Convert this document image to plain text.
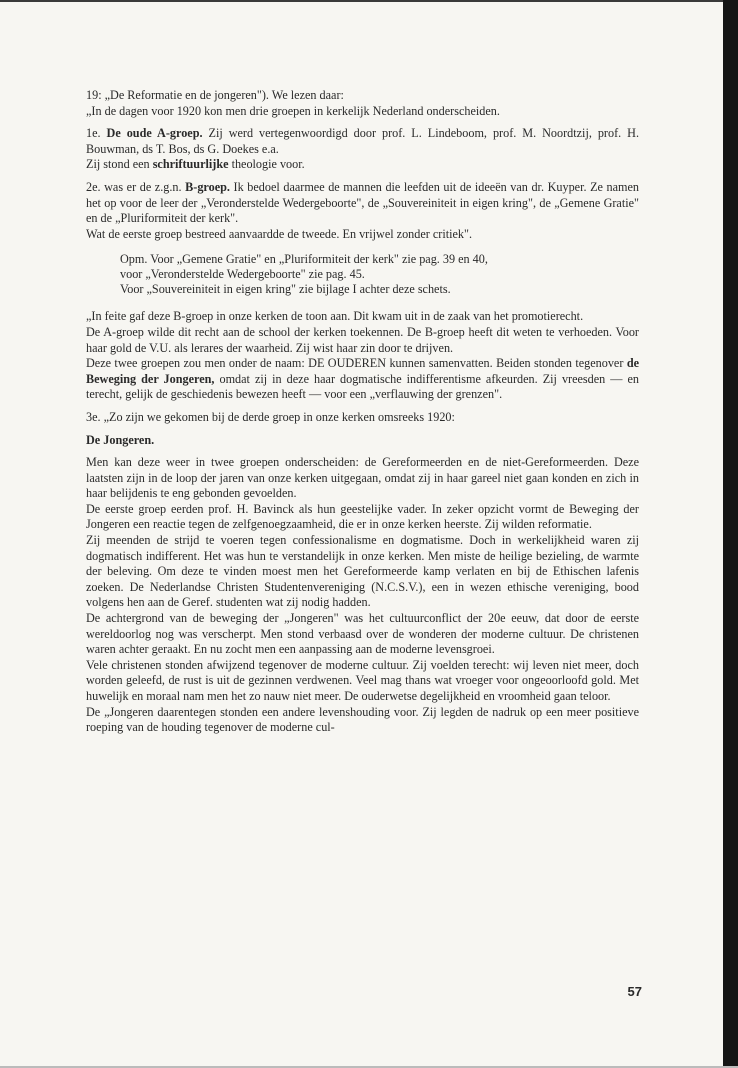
19: „De Reformatie en de jongeren"). We lezen daar:

„In de dagen voor 1920 kon men drie groepen in kerkelijk Nederland onderscheiden.

1e. De oude A-groep. Zij werd vertegenwoordigd door prof. L. Lindeboom, prof. M. Noordtzij, prof. H. Bouwman, ds T. Bos, ds G. Doekes e.a.

Zij stond een schriftuurlijke theologie voor.

2e. was er de z.g.n. B-groep. Ik bedoel daarmee de mannen die leefden uit de ideeën van dr. Kuyper. Ze namen het op voor de leer der „Veronderstelde Wedergeboorte", de „Souvereiniteit in eigen kring", de „Gemene Gratie" en de „Pluriformiteit der kerk".

Wat de eerste groep bestreed aanvaardde de tweede. En vrijwel zonder critiek".

Opm. Voor „Gemene Gratie" en „Pluriformiteit der kerk" zie pag. 39 en 40,

voor „Veronderstelde Wedergeboorte" zie pag. 45.

Voor „Souvereiniteit in eigen kring" zie bijlage I achter deze schets.

„In feite gaf deze B-groep in onze kerken de toon aan. Dit kwam uit in de zaak van het promotierecht.

De A-groep wilde dit recht aan de school der kerken toekennen. De B-groep heeft dit weten te verhoeden. Voor haar gold de V.U. als lerares der waarheid. Zij wist haar zin door te drijven.

Deze twee groepen zou men onder de naam: DE OUDEREN kunnen samenvatten. Beiden stonden tegenover de Beweging der Jongeren, omdat zij in deze haar dogmatische indifferentisme afkeurden. Zij vreesden — en terecht, gelijk de geschiedenis bewezen heeft — voor een „verflauwing der grenzen".

3e. „Zo zijn we gekomen bij de derde groep in onze kerken omsreeks 1920:

De Jongeren.

Men kan deze weer in twee groepen onderscheiden: de Gereformeerden en de niet-Gereformeerden. Deze laatsten zijn in de loop der jaren van onze kerken uitgegaan, omdat zij in haar gareel niet gaan konden en zich in haar belijdenis te eng gebonden gevoelden.

De eerste groep eerden prof. H. Bavinck als hun geestelijke vader. In zeker opzicht vormt de Beweging der Jongeren een reactie tegen de zelfgenoegzaamheid, die er in onze kerken heerste. Zij wilden reformatie.

Zij meenden de strijd te voeren tegen confessionalisme en dogmatisme. Doch in werkelijkheid waren zij dogmatisch indifferent. Het was hun te verstandelijk in onze kerken. Men miste de heilige bezieling, de warmte der beleving. Om deze te vinden moest men het Gereformeerde kamp verlaten en bij de Ethischen lafenis zoeken. De Nederlandse Christen Studentenvereniging (N.C.S.V.), een in wezen ethische vereniging, bood volgens hen aan de Geref. studenten wat zij nodig hadden.

De achtergrond van de beweging der „Jongeren" was het cultuurconflict der 20e eeuw, dat door de eerste wereldoorlog nog was verscherpt. Men stond verbaasd over de wonderen der moderne cultuur. De christenen waren achter geraakt. En nu zocht men een aanpassing aan de moderne levensgroei.

Vele christenen stonden afwijzend tegenover de moderne cultuur. Zij voelden terecht: wij leven niet meer, doch worden geleefd, de rust is uit de gezinnen verdwenen. Veel mag thans wat vroeger voor ongeoorloofd gold. Met huwelijk en moraal nam men het zo nauw niet meer. De ouderwetse degelijkheid en vroomheid gaan teloor.

De „Jongeren daarentegen stonden een andere levenshouding voor. Zij legden de nadruk op een meer positieve roeping van de houding tegenover de moderne cul-

57
